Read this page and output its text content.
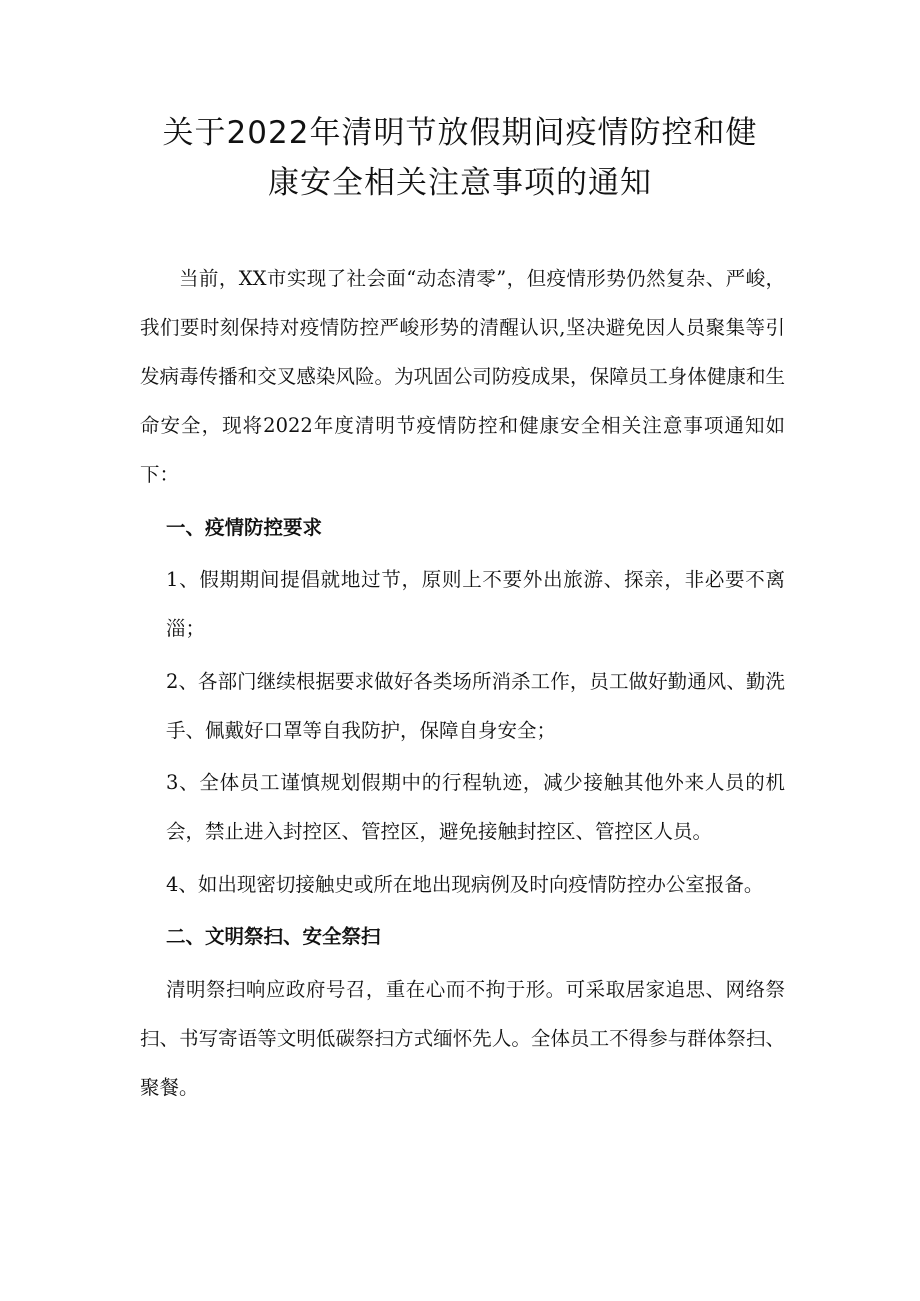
关于2022年清明节放假期间疫情防控和健
康安全相关注意事项的通知

当前，XX市实现了社会面“动态清零”，但疫情形势仍然复杂、严峻，我们要时刻保持对疫情防控严峻形势的清醒认识,坚决避免因人员聚集等引发病毒传播和交叉感染风险。为巩固公司防疫成果，保障员工身体健康和生命安全，现将2022年度清明节疫情防控和健康安全相关注意事项通知如下：

一、疫情防控要求

1、假期期间提倡就地过节，原则上不要外出旅游、探亲，非必要不离淄；

2、各部门继续根据要求做好各类场所消杀工作，员工做好勤通风、勤洗手、佩戴好口罩等自我防护，保障自身安全；

3、全体员工谨慎规划假期中的行程轨迹，减少接触其他外来人员的机会，禁止进入封控区、管控区，避免接触封控区、管控区人员。

4、如出现密切接触史或所在地出现病例及时向疫情防控办公室报备。

二、文明祭扫、安全祭扫

清明祭扫响应政府号召，重在心而不拘于形。可采取居家追思、网络祭扫、书写寄语等文明低碳祭扫方式缅怀先人。全体员工不得参与群体祭扫、聚餐。
